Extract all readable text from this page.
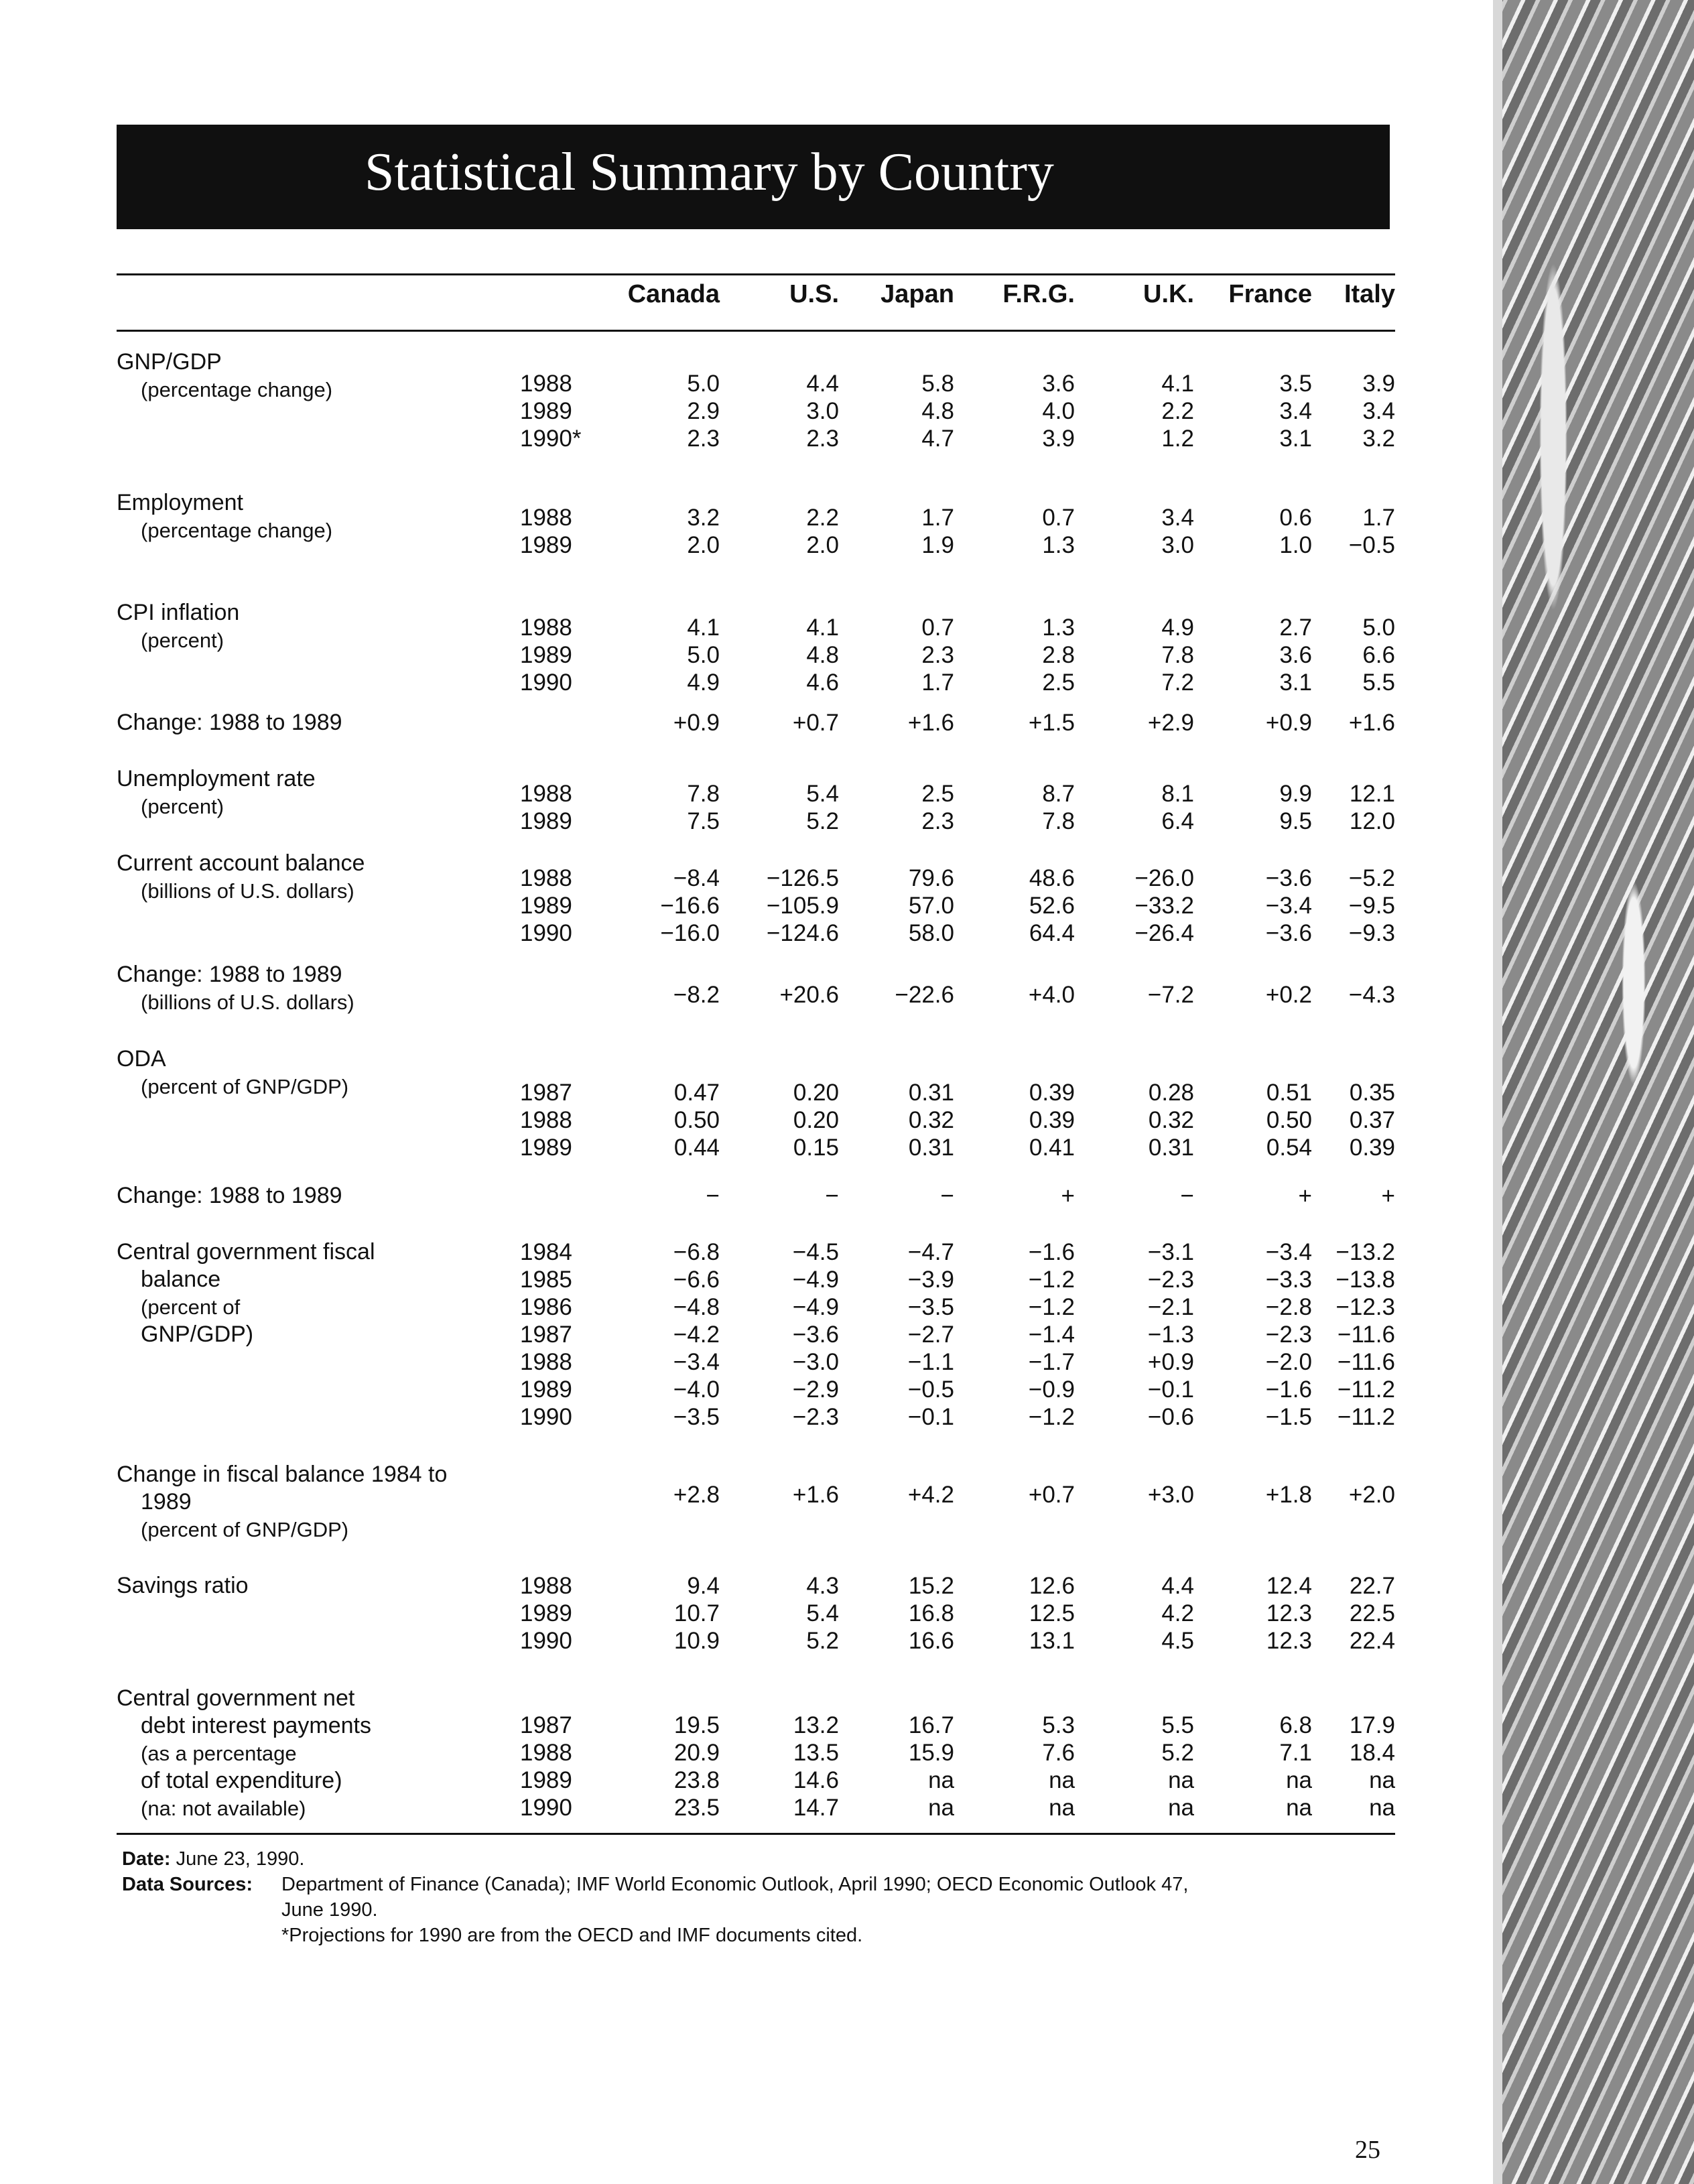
Statistical Summary by Country
Canada	U.S.	Japan	F.R.G.	U.K.	France	Italy
GNP/GDP
(percentage change)	1988	5.0	4.4	5.8	3.6	4.1	3.5	3.9
1989	2.9	3.0	4.8	4.0	2.2	3.4	3.4
1990*	2.3	2.3	4.7	3.9	1.2	3.1	3.2
Employment
(percentage change)	1988	3.2	2.2	1.7	0.7	3.4	0.6	1.7
1989	2.0	2.0	1.9	1.3	3.0	1.0	−0.5
CPI inflation
(percent)	1988	4.1	4.1	0.7	1.3	4.9	2.7	5.0
1989	5.0	4.8	2.3	2.8	7.8	3.6	6.6
1990	4.9	4.6	1.7	2.5	7.2	3.1	5.5
Change: 1988 to 1989	+0.9	+0.7	+1.6	+1.5	+2.9	+0.9	+1.6
Unemployment rate
(percent)	1988	7.8	5.4	2.5	8.7	8.1	9.9	12.1
1989	7.5	5.2	2.3	7.8	6.4	9.5	12.0
Current account balance
(billions of U.S. dollars)	1988	−8.4	−126.5	79.6	48.6	−26.0	−3.6	−5.2
1989	−16.6	−105.9	57.0	52.6	−33.2	−3.4	−9.5
1990	−16.0	−124.6	58.0	64.4	−26.4	−3.6	−9.3
Change: 1988 to 1989
(billions of U.S. dollars)	−8.2	+20.6	−22.6	+4.0	−7.2	+0.2	−4.3
ODA
(percent of GNP/GDP)	1987	0.47	0.20	0.31	0.39	0.28	0.51	0.35
1988	0.50	0.20	0.32	0.39	0.32	0.50	0.37
1989	0.44	0.15	0.31	0.41	0.31	0.54	0.39
Change: 1988 to 1989	−	−	−	+	−	+	+
Central government fiscal
balance
(percent of
GNP/GDP)
1984	−6.8	−4.5	−4.7	−1.6	−3.1	−3.4	−13.2
1985	−6.6	−4.9	−3.9	−1.2	−2.3	−3.3	−13.8
1986	−4.8	−4.9	−3.5	−1.2	−2.1	−2.8	−12.3
1987	−4.2	−3.6	−2.7	−1.4	−1.3	−2.3	−11.6
1988	−3.4	−3.0	−1.1	−1.7	+0.9	−2.0	−11.6
1989	−4.0	−2.9	−0.5	−0.9	−0.1	−1.6	−11.2
1990	−3.5	−2.3	−0.1	−1.2	−0.6	−1.5	−11.2
Change in fiscal balance 1984 to
1989
(percent of GNP/GDP)
+2.8	+1.6	+4.2	+0.7	+3.0	+1.8	+2.0
Savings ratio	1988	9.4	4.3	15.2	12.6	4.4	12.4	22.7
1989	10.7	5.4	16.8	12.5	4.2	12.3	22.5
1990	10.9	5.2	16.6	13.1	4.5	12.3	22.4
Central government net
debt interest payments
(as a percentage
of total expenditure)
(na: not available)
1987	19.5	13.2	16.7	5.3	5.5	6.8	17.9
1988	20.9	13.5	15.9	7.6	5.2	7.1	18.4
1989	23.8	14.6	na	na	na	na	na
1990	23.5	14.7	na	na	na	na	na
Date: June 23, 1990.
Data Sources: Department of Finance (Canada); IMF World Economic Outlook, April 1990; OECD Economic Outlook 47,
June 1990.
*Projections for 1990 are from the OECD and IMF documents cited.
25
